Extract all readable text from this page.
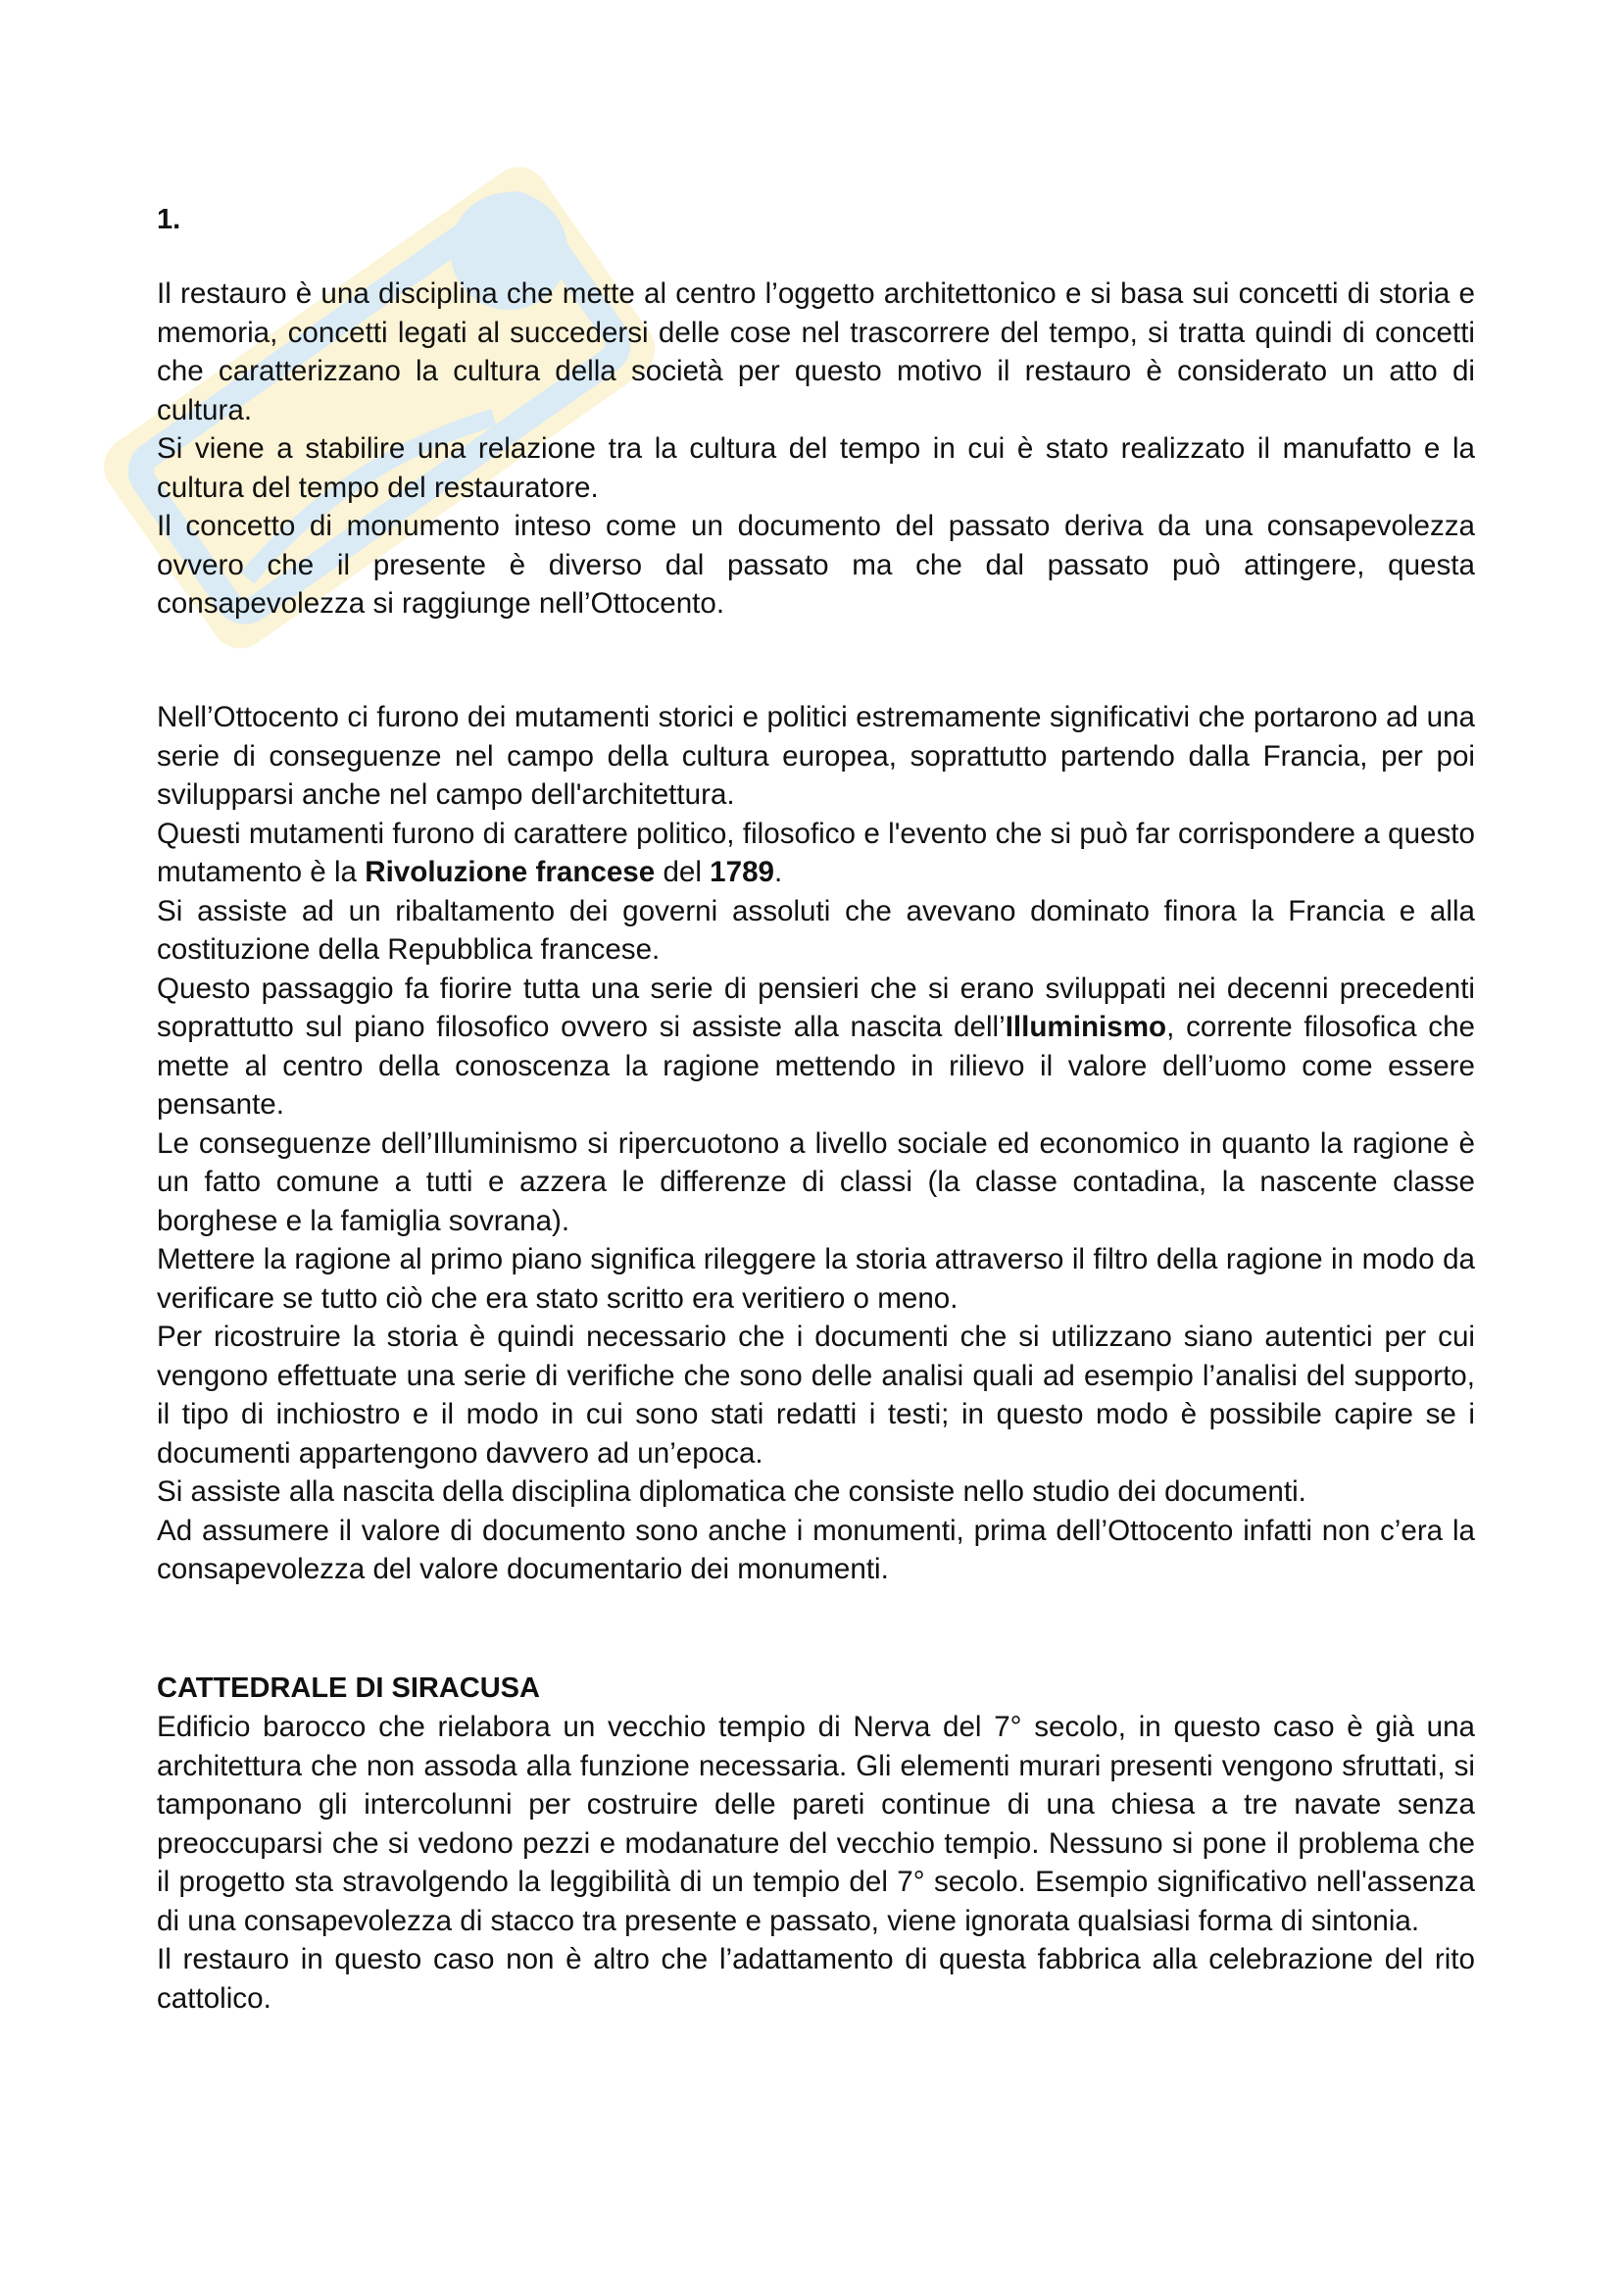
1.

Il restauro è una disciplina che mette al centro l’oggetto architettonico e si basa sui concetti di storia e memoria, concetti legati al succedersi delle cose nel trascorrere del tempo, si tratta quindi di concetti che caratterizzano la cultura della società per questo motivo il restauro è considerato un atto di cultura.

Si viene a stabilire una relazione tra la cultura del tempo in cui è stato realizzato il manufatto e la cultura del tempo del restauratore.

Il concetto di monumento inteso come un documento del passato deriva da una consapevolezza ovvero che il presente è diverso dal passato ma che dal passato può attingere, questa consapevolezza si raggiunge nell’Ottocento.

Nell’Ottocento ci furono dei mutamenti storici e politici estremamente significativi che portarono ad una serie di conseguenze nel campo della cultura europea, soprattutto partendo dalla Francia, per poi svilupparsi anche nel campo dell'architettura.

Questi mutamenti furono di carattere politico, filosofico e l'evento che si può far corrispondere a questo mutamento è la Rivoluzione francese del 1789.

Si assiste ad un ribaltamento dei governi assoluti che avevano dominato finora la Francia e alla costituzione della Repubblica francese.

Questo passaggio fa fiorire tutta una serie di pensieri che si erano sviluppati nei decenni precedenti soprattutto sul piano filosofico ovvero si assiste alla nascita dell’Illuminismo, corrente filosofica che mette al centro della conoscenza la ragione mettendo in rilievo il valore dell’uomo come essere pensante.

Le conseguenze dell’Illuminismo si ripercuotono a livello sociale ed economico in quanto la ragione è un fatto comune a tutti e azzera le differenze di classi (la classe contadina, la nascente classe borghese e la famiglia sovrana).

Mettere la ragione al primo piano significa rileggere la storia attraverso il filtro della ragione in modo da verificare se tutto ciò che era stato scritto era veritiero o meno.

Per ricostruire la storia è quindi necessario che i documenti che si utilizzano siano autentici per cui vengono effettuate una serie di verifiche che sono delle analisi quali ad esempio l’analisi del supporto, il tipo di inchiostro e il modo in cui sono stati redatti i testi; in questo modo è possibile capire se i documenti appartengono davvero ad un’epoca.

Si assiste alla nascita della disciplina diplomatica che consiste nello studio dei documenti.

Ad assumere il valore di documento sono anche i monumenti, prima dell’Ottocento infatti non c’era la consapevolezza del valore documentario dei monumenti.

CATTEDRALE DI SIRACUSA

Edificio barocco che rielabora un vecchio tempio di Nerva del 7° secolo, in questo caso è già una architettura che non assoda alla funzione necessaria. Gli elementi murari presenti vengono sfruttati, si tamponano gli intercolunni per costruire delle pareti continue di una chiesa a tre navate senza preoccuparsi che si vedono pezzi e modanature del vecchio tempio. Nessuno si pone il problema che il progetto sta stravolgendo la leggibilità di un tempio del 7° secolo. Esempio significativo nell'assenza di una consapevolezza di stacco tra presente e passato, viene ignorata qualsiasi forma di sintonia.

Il restauro in questo caso non è altro che l’adattamento di questa fabbrica alla celebrazione del rito cattolico.
